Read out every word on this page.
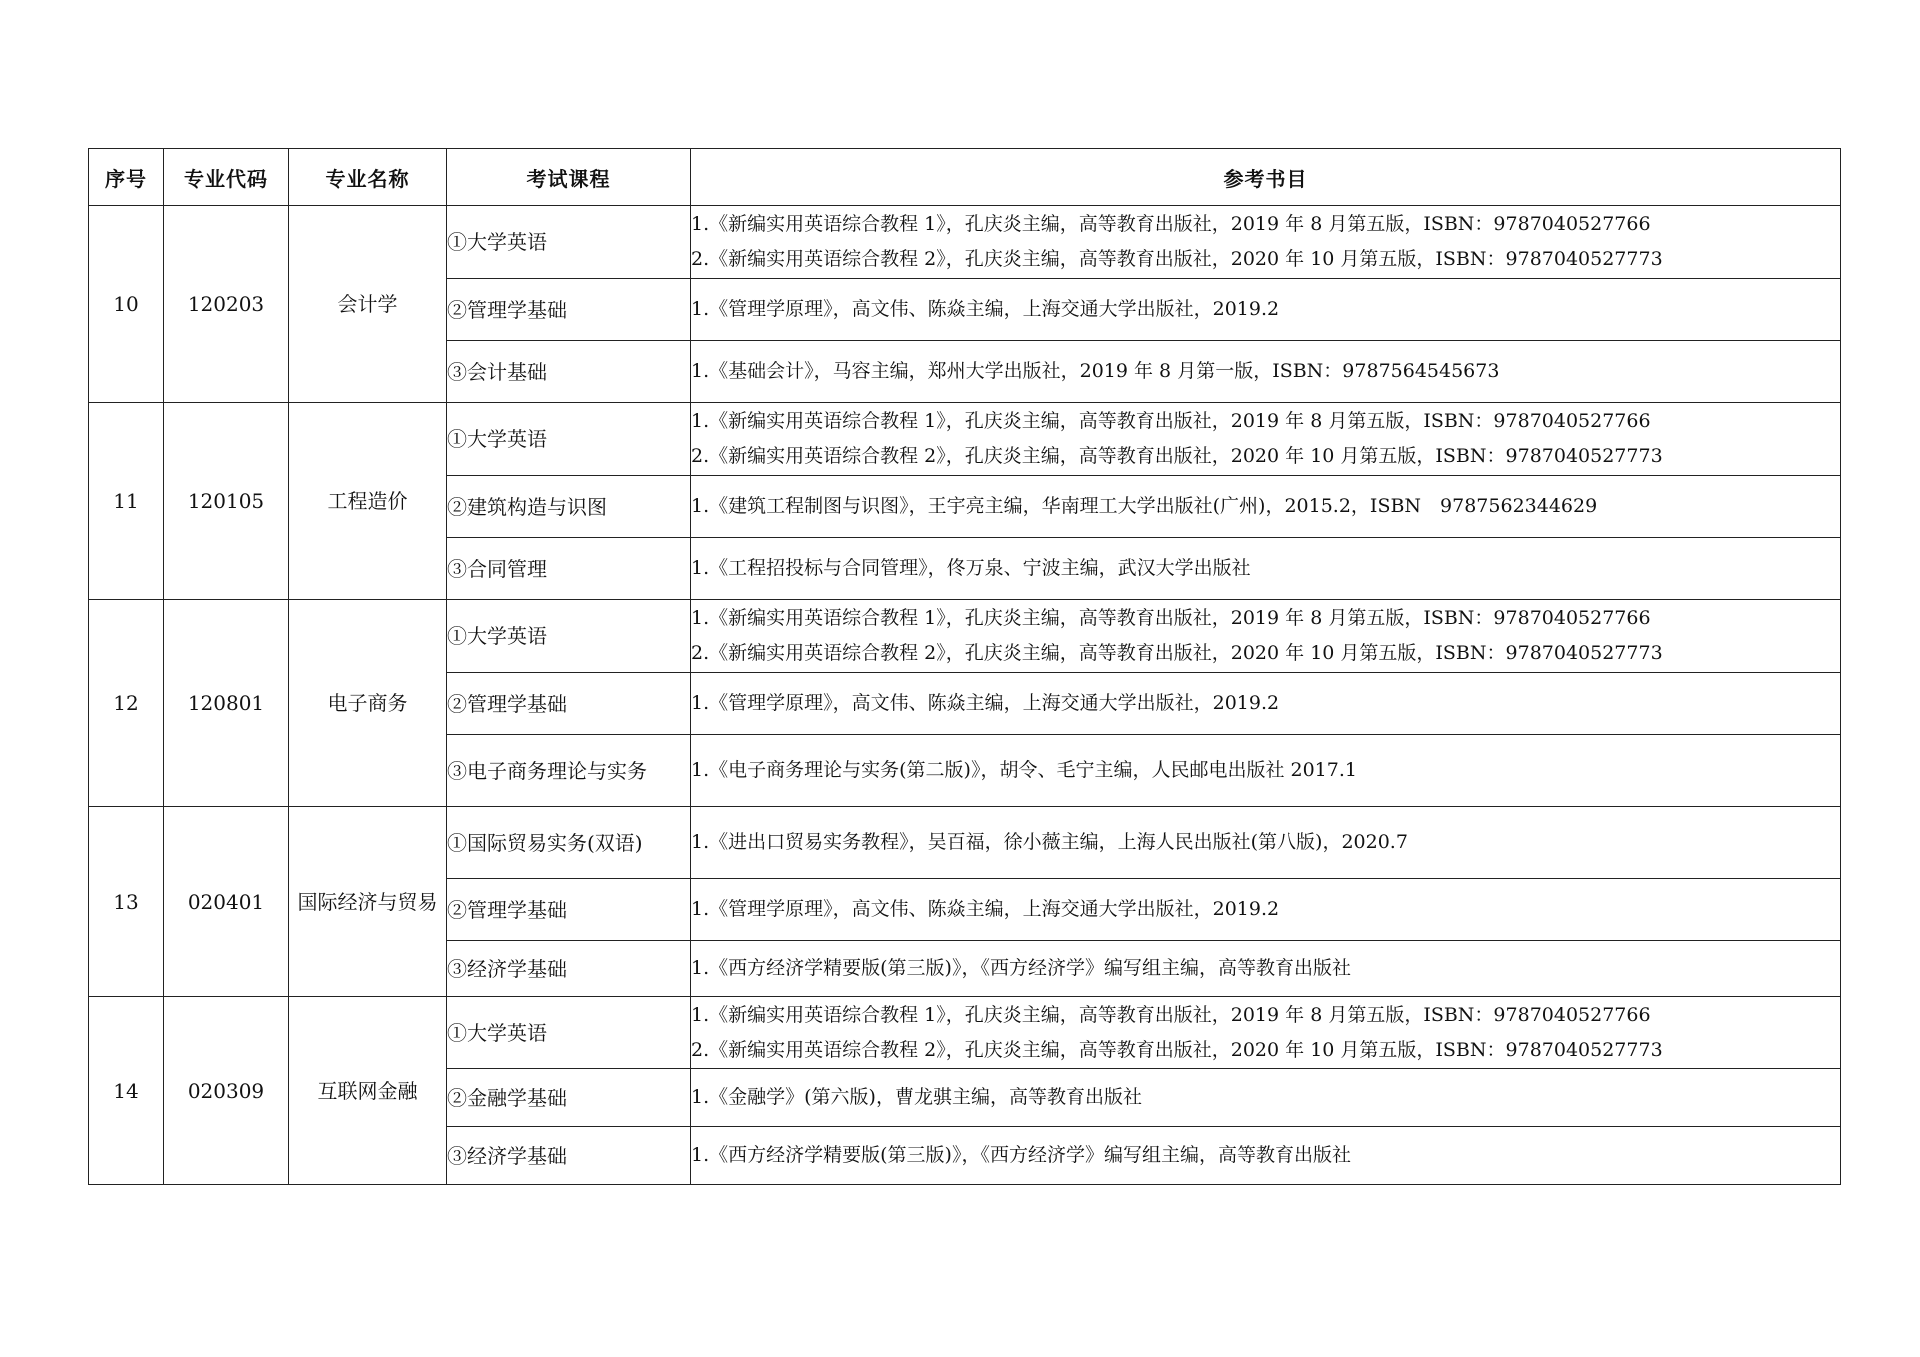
序号	专业代码	专业名称	考试课程	参考书目
10	120203	会计学	①大学英语	1.《新编实用英语综合教程 1》，孔庆炎主编，高等教育出版社，2019 年 8 月第五版，ISBN：9787040527766
2.《新编实用英语综合教程 2》，孔庆炎主编，高等教育出版社，2020 年 10 月第五版，ISBN：9787040527773

			②管理学基础	1.《管理学原理》，高文伟、陈焱主编，上海交通大学出版社，2019.2

			③会计基础	1.《基础会计》，马容主编，郑州大学出版社，2019 年 8 月第一版，ISBN：9787564545673

11	120105	工程造价	①大学英语	1.《新编实用英语综合教程 1》，孔庆炎主编，高等教育出版社，2019 年 8 月第五版，ISBN：9787040527766
2.《新编实用英语综合教程 2》，孔庆炎主编，高等教育出版社，2020 年 10 月第五版，ISBN：9787040527773

			②建筑构造与识图	1.《建筑工程制图与识图》，王宇亮主编，华南理工大学出版社(广州)，2015.2，ISBN　9787562344629

			③合同管理	1.《工程招投标与合同管理》，佟万泉、宁波主编，武汉大学出版社

12	120801	电子商务	①大学英语	1.《新编实用英语综合教程 1》，孔庆炎主编，高等教育出版社，2019 年 8 月第五版，ISBN：9787040527766
2.《新编实用英语综合教程 2》，孔庆炎主编，高等教育出版社，2020 年 10 月第五版，ISBN：9787040527773

			②管理学基础	1.《管理学原理》，高文伟、陈焱主编，上海交通大学出版社，2019.2

			③电子商务理论与实务	1.《电子商务理论与实务(第二版)》，胡令、毛宁主编，人民邮电出版社 2017.1

13	020401	国际经济与贸易	①国际贸易实务(双语)	1.《进出口贸易实务教程》，吴百福，徐小薇主编，上海人民出版社(第八版)，2020.7

			②管理学基础	1.《管理学原理》，高文伟、陈焱主编，上海交通大学出版社，2019.2

			③经济学基础	1.《西方经济学精要版(第三版)》，《西方经济学》编写组主编，高等教育出版社

14	020309	互联网金融	①大学英语	1.《新编实用英语综合教程 1》，孔庆炎主编，高等教育出版社，2019 年 8 月第五版，ISBN：9787040527766
2.《新编实用英语综合教程 2》，孔庆炎主编，高等教育出版社，2020 年 10 月第五版，ISBN：9787040527773

			②金融学基础	1.《金融学》(第六版)，曹龙骐主编，高等教育出版社

			③经济学基础	1.《西方经济学精要版(第三版)》，《西方经济学》编写组主编，高等教育出版社
